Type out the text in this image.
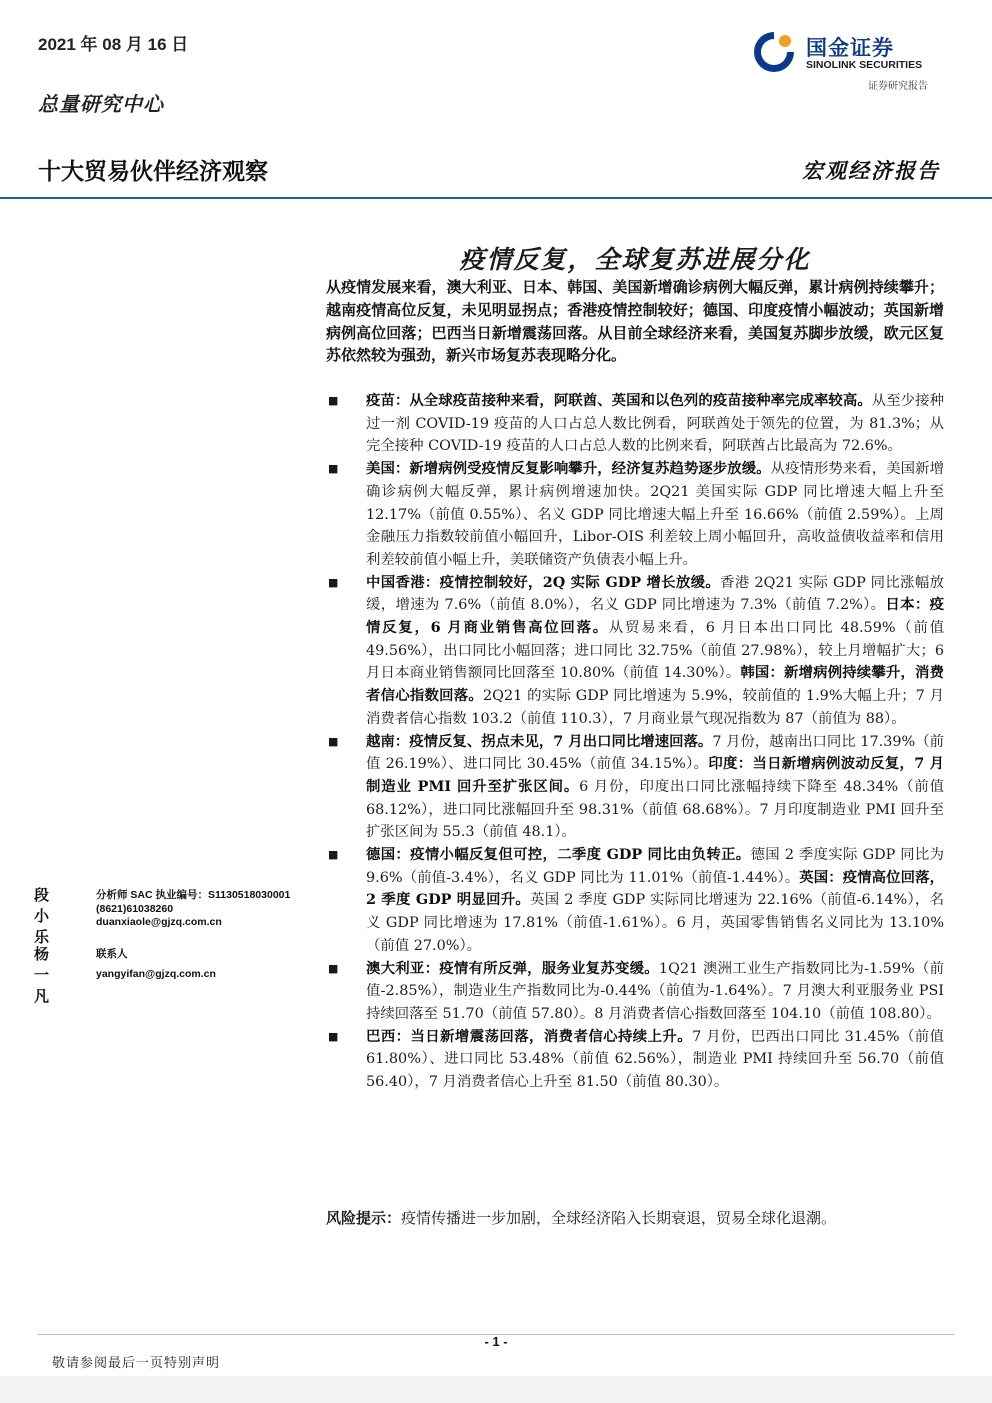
2021 年 08 月 16 日
总量研究中心
国金证券
SINOLINK SECURITIES
证券研究报告
十大贸易伙伴经济观察	宏观经济报告
疫情反复，全球复苏进展分化
从疫情发展来看，澳大利亚、日本、韩国、美国新增确诊病例大幅反弹，累计病例持续攀升；越南疫情高位反复，未见明显拐点；香港疫情控制较好；德国、印度疫情小幅波动；英国新增病例高位回落；巴西当日新增震荡回落。从目前全球经济来看，美国复苏脚步放缓，欧元区复苏依然较为强劲，新兴市场复苏表现略分化。
■ 疫苗：从全球疫苗接种来看，阿联酋、英国和以色列的疫苗接种率完成率较高。从至少接种过一剂 COVID-19 疫苗的人口占总人数比例看，阿联酋处于领先的位置，为 81.3%；从完全接种 COVID-19 疫苗的人口占总人数的比例来看，阿联酋占比最高为 72.6%。
■ 美国：新增病例受疫情反复影响攀升，经济复苏趋势逐步放缓。从疫情形势来看，美国新增确诊病例大幅反弹，累计病例增速加快。2Q21 美国实际 GDP 同比增速大幅上升至 12.17%（前值 0.55%）、名义 GDP 同比增速大幅上升至 16.66%（前值 2.59%）。上周金融压力指数较前值小幅回升，Libor-OIS 利差较上周小幅回升，高收益债收益率和信用利差较前值小幅上升，美联储资产负债表小幅上升。
■ 中国香港：疫情控制较好，2Q 实际 GDP 增长放缓。香港 2Q21 实际 GDP 同比涨幅放缓，增速为 7.6%（前值 8.0%），名义 GDP 同比增速为 7.3%（前值 7.2%）。日本：疫情反复，6 月商业销售高位回落。从贸易来看，6 月日本出口同比 48.59%（前值 49.56%），出口同比小幅回落；进口同比 32.75%（前值 27.98%），较上月增幅扩大；6 月日本商业销售额同比回落至 10.80%（前值 14.30%）。韩国：新增病例持续攀升，消费者信心指数回落。2Q21 的实际 GDP 同比增速为 5.9%，较前值的 1.9%大幅上升；7 月消费者信心指数 103.2（前值 110.3），7 月商业景气现况指数为 87（前值为 88）。
■ 越南：疫情反复、拐点未见，7 月出口同比增速回落。7 月份，越南出口同比 17.39%（前值 26.19%）、进口同比 30.45%（前值 34.15%）。印度：当日新增病例波动反复，7 月制造业 PMI 回升至扩张区间。6 月份，印度出口同比涨幅持续下降至 48.34%（前值 68.12%），进口同比涨幅回升至 98.31%（前值 68.68%）。7 月印度制造业 PMI 回升至扩张区间为 55.3（前值 48.1）。
■ 德国：疫情小幅反复但可控，二季度 GDP 同比由负转正。德国 2 季度实际 GDP 同比为 9.6%（前值-3.4%），名义 GDP 同比为 11.01%（前值-1.44%）。英国：疫情高位回落，2 季度 GDP 明显回升。英国 2 季度 GDP 实际同比增速为 22.16%（前值-6.14%），名义 GDP 同比增速为 17.81%（前值-1.61%）。6 月，英国零售销售名义同比为 13.10%（前值 27.0%）。
■ 澳大利亚：疫情有所反弹，服务业复苏变缓。1Q21 澳洲工业生产指数同比为-1.59%（前值-2.85%），制造业生产指数同比为-0.44%（前值为-1.64%）。7 月澳大利亚服务业 PSI 持续回落至 51.70（前值 57.80）。8 月消费者信心指数回落至 104.10（前值 108.80）。
■ 巴西：当日新增震荡回落，消费者信心持续上升。7 月份，巴西出口同比 31.45%（前值 61.80%）、进口同比 53.48%（前值 62.56%），制造业 PMI 持续回升至 56.70（前值 56.40），7 月消费者信心上升至 81.50（前值 80.30）。
风险提示：疫情传播进一步加剧，全球经济陷入长期衰退，贸易全球化退潮。
段小乐
分析师 SAC 执业编号：S1130518030001
(8621)61038260
duanxiaole@gjzq.com.cn
杨一凡
联系人
yangyifan@gjzq.com.cn
- 1 -
敬请参阅最后一页特别声明
